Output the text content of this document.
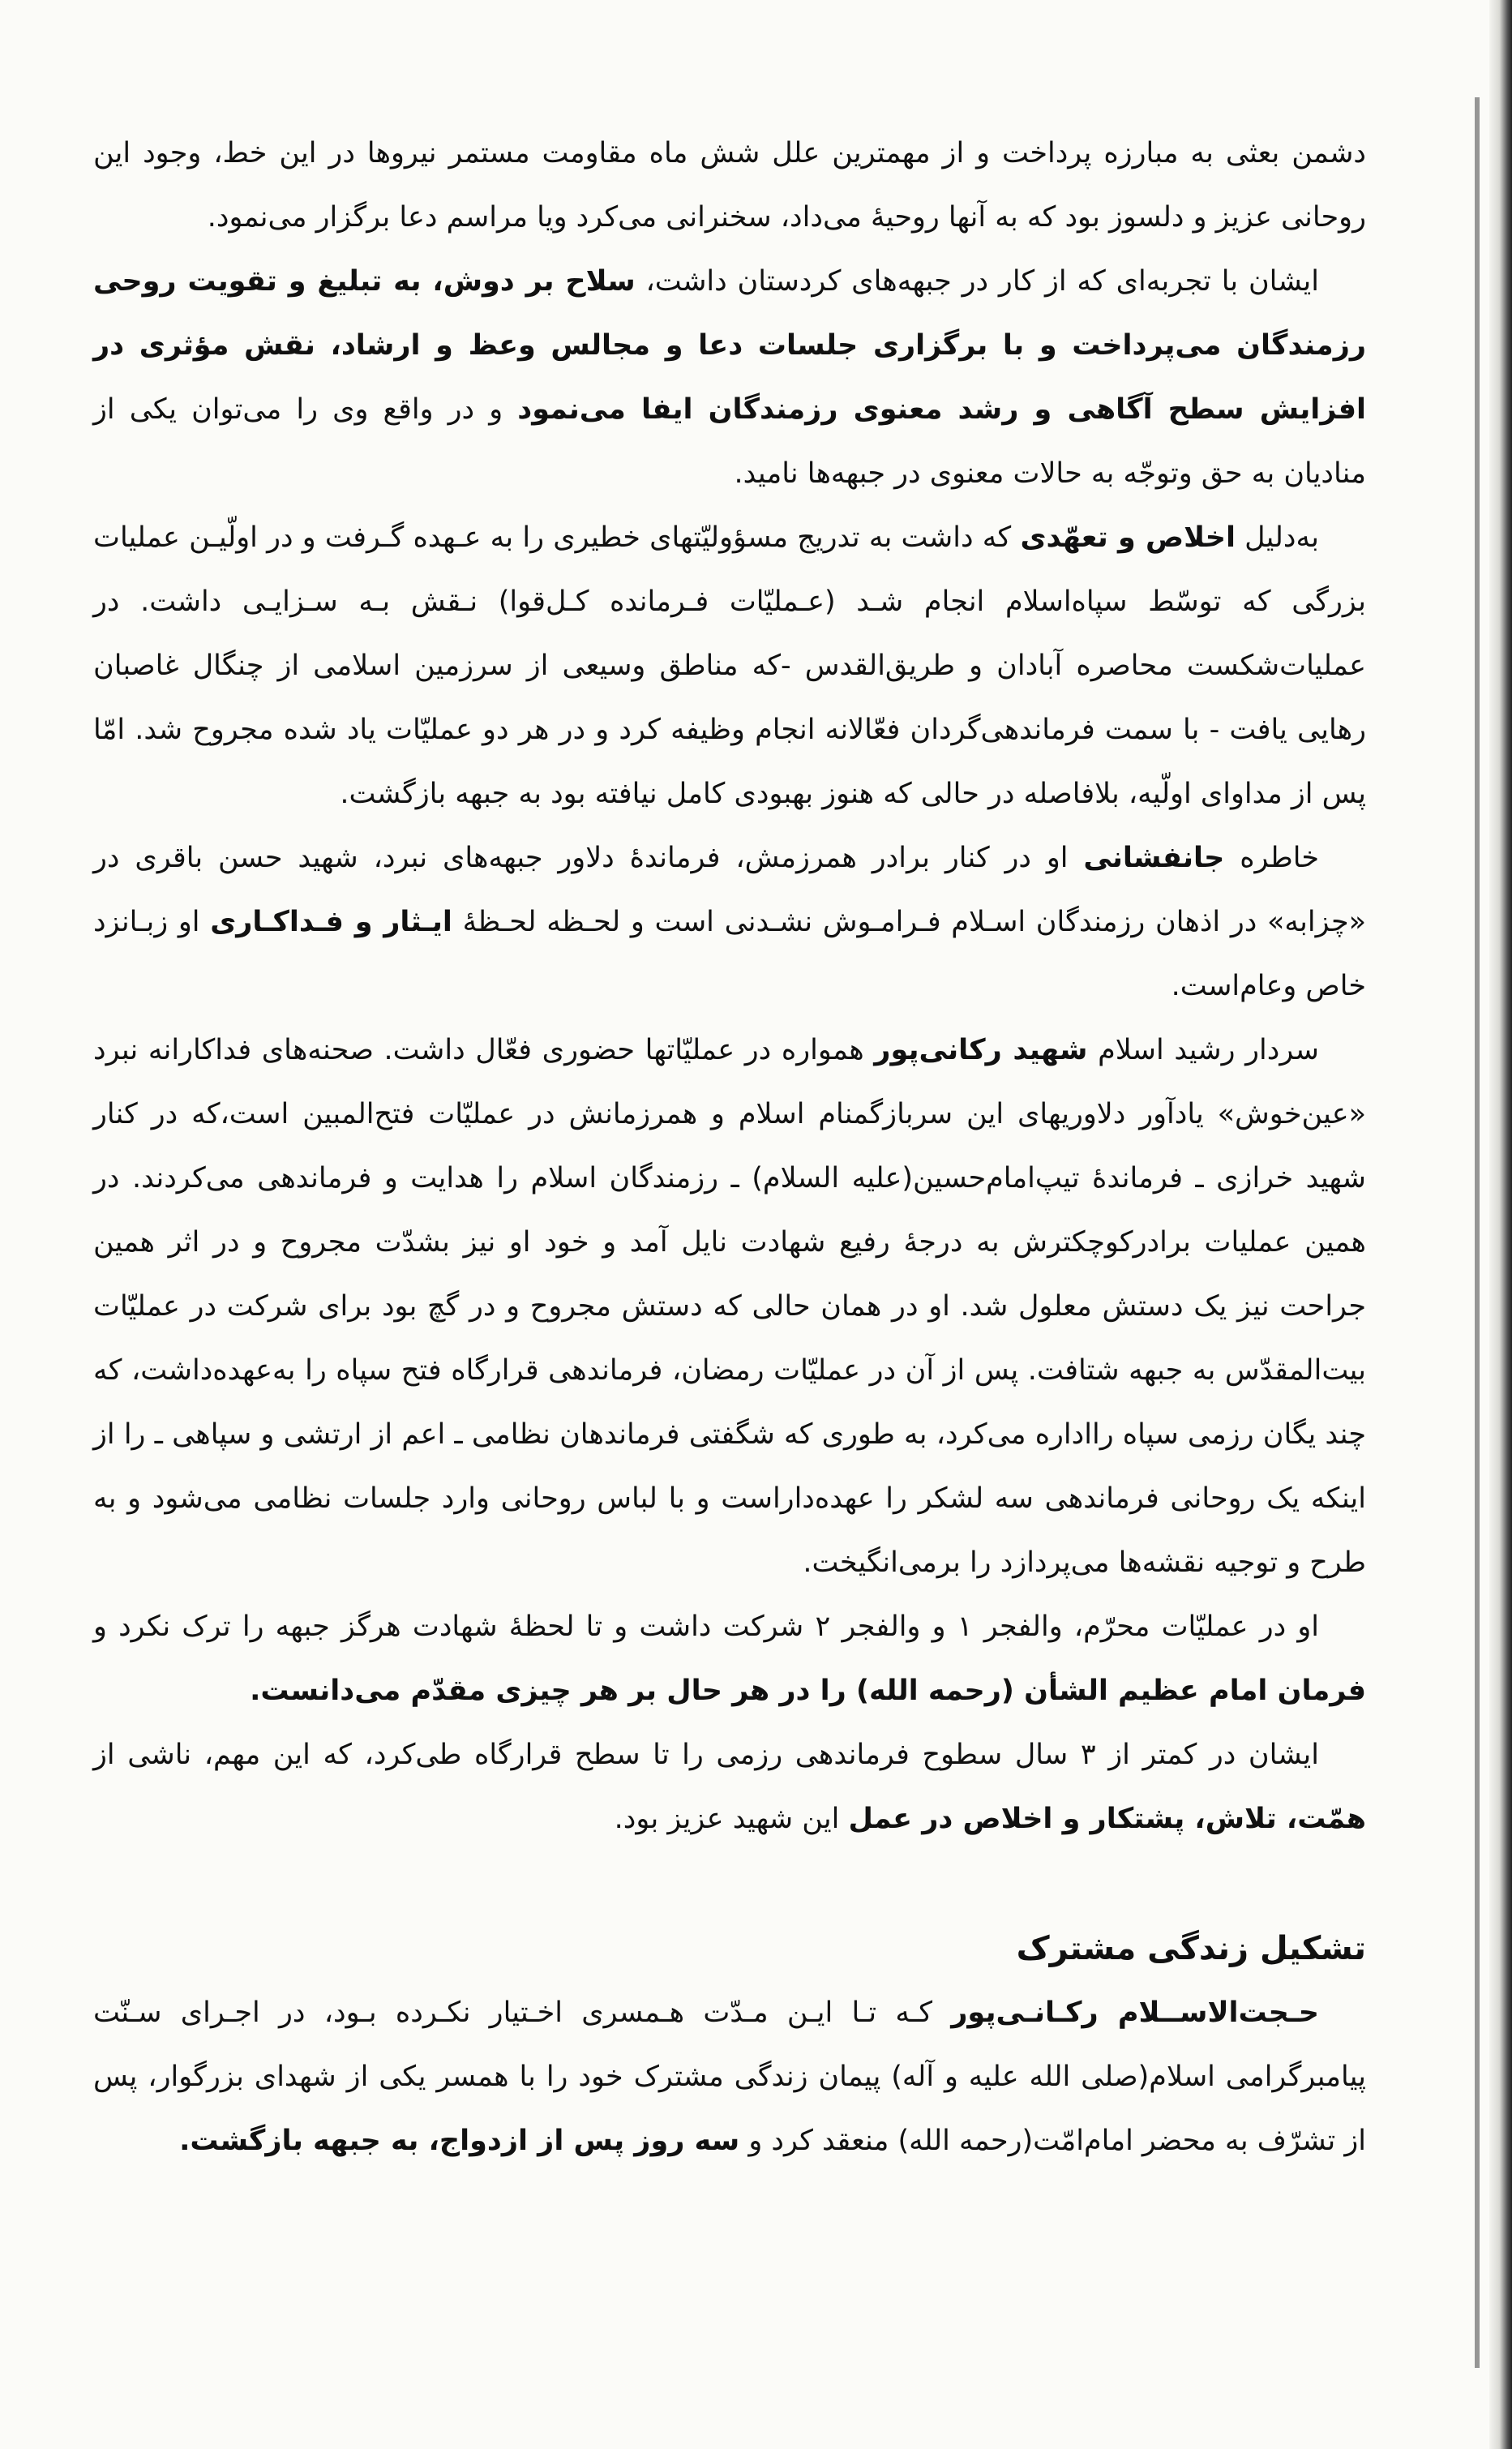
دشمن بعثی به مبارزه پرداخت و از مهمترین علل شش ماه مقاومت مستمر نیروها در این خط، وجود این روحانی عزیز و دلسوز بود که به آنها روحیهٔ می‌داد، سخنرانی می‌کرد ویا مراسم دعا برگزار می‌نمود.

ایشان با تجربه‌ای که از کار در جبهه‌های کردستان داشت، سلاح بر دوش، به تبلیغ و تقویت روحی رزمندگان می‌پرداخت و با برگزاری جلسات دعا و مجالس وعظ و ارشاد، نقش مؤثری در افزایش سطح آگاهی و رشد معنوی رزمندگان ایفا می‌نمود و در واقع وی را می‌توان یکی از منادیان به حق وتوجّه به حالات معنوی در جبهه‌ها نامید.

به‌دلیل اخلاص و تعهّدی که داشت به تدریج مسؤولیّتهای خطیری را به عـهده گـرفت و در اولّیـن عملیات بزرگی که توسّط سپاه‌اسلام انجام شـد (عـملیّات فـرمانده کـل‌قوا) نـقش بـه سـزایـی داشت. در عملیات‌شکست محاصره آبادان و طریق‌القدس -که مناطق وسیعی از سرزمین اسلامی از چنگال غاصبان رهایی یافت - با سمت فرماندهی‌گردان فعّالانه انجام وظیفه کرد و در هر دو عملیّات یاد شده مجروح شد. امّا پس از مداوای اولّیه، بلافاصله در حالی که هنوز بهبودی کامل نیافته بود به جبهه بازگشت.

خاطره جانفشانی او در کنار برادر همرزمش، فرماندهٔ دلاور جبهه‌های نبرد، شهید حسن باقری در «چزابه» در اذهان رزمندگان اسـلام فـرامـوش نشـدنی است و لحـظه لحـظهٔ ایـثار و فـداکـاری او زبـانزد خاص وعام‌است.

سردار رشید اسلام شهید رکانی‌پور همواره در عملیّاتها حضوری فعّال داشت. صحنه‌های فداکارانه نبرد «عین‌خوش» یادآور دلاوریهای این سربازگمنام اسلام و همرزمانش در عملیّات فتح‌المبین است،که در کنار شهید خرازی ـ فرماندهٔ تیپ‌امام‌حسین(علیه السلام) ـ رزمندگان اسلام را هدایت و فرماندهی می‌کردند. در همین عملیات برادرکوچکترش به درجهٔ رفیع شهادت نایل آمد و خود او نیز بشدّت مجروح و در اثر همین جراحت نیز یک دستش معلول شد. او در همان حالی که دستش مجروح و در گچ بود برای شرکت در عملیّات بیت‌المقدّس به جبهه شتافت. پس از آن در عملیّات رمضان، فرماندهی قرارگاه فتح سپاه را به‌عهده‌داشت، که چند یگان رزمی سپاه رااداره می‌کرد، به طوری که شگفتی فرماندهان نظامی ـ اعم از ارتشی و سپاهی ـ را از اینکه یک روحانی فرماندهی سه لشکر را عهده‌داراست و با لباس روحانی وارد جلسات نظامی می‌شود و به طرح و توجیه نقشه‌ها می‌پردازد را برمی‌انگیخت.

او در عملیّات محرّم، والفجر ۱ و والفجر ۲ شرکت داشت و تا لحظهٔ شهادت هرگز جبهه را ترک نکرد و فرمان امام عظیم الشأن (رحمه الله) را در هر حال بر هر چیزی مقدّم می‌دانست.

ایشان در کمتر از ۳ سال سطوح فرماندهی رزمی را تا سطح قرارگاه طی‌کرد، که این مهم، ناشی از همّت، تلاش، پشتکار و اخلاص در عمل این شهید عزیز بود.

تشکیل زندگی مشترک

حـجت‌الاســلام رکـانـی‌پور کـه تـا ایـن مـدّت هـمسری اخـتیار نکـرده بـود، در اجـرای سـنّت پیامبرگرامی اسلام(صلی الله علیه و آله) پیمان زندگی مشترک خود را با همسر یکی از شهدای بزرگوار، پس از تشرّف به محضر امام‌امّت(رحمه الله) منعقد کرد و سه روز پس از ازدواج، به جبهه بازگشت.
